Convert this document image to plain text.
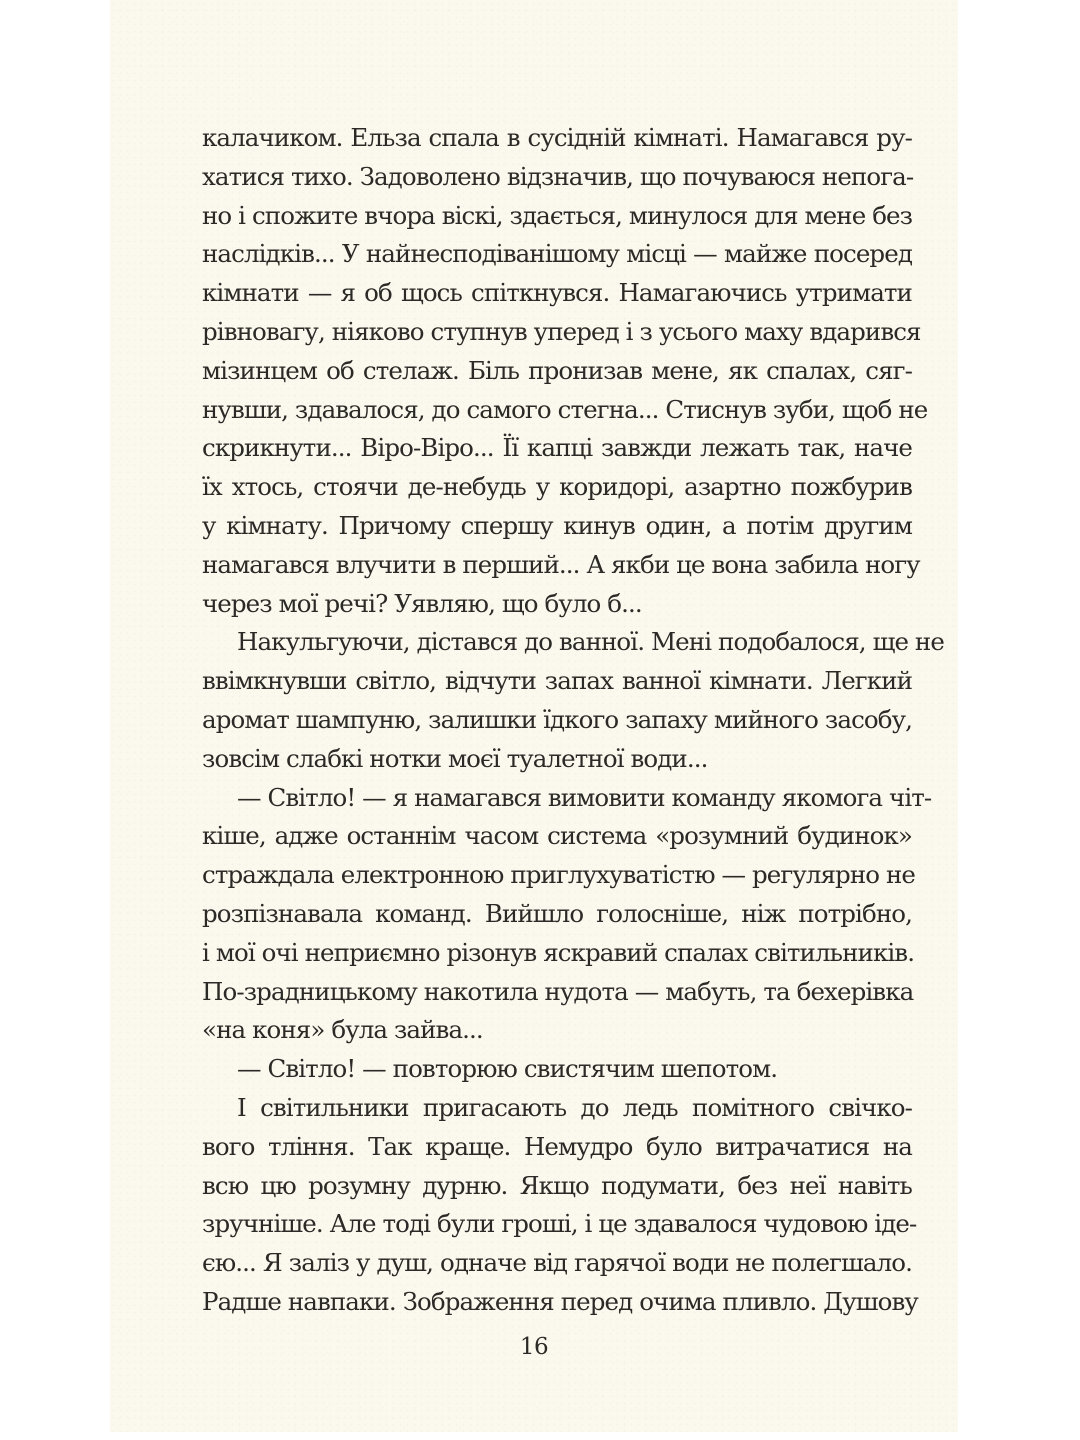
калачиком. Ельза спала в сусідній кімнаті. Намагався ру-
хатися тихо. Задоволено відзначив, що почуваюся непога-
но і спожите вчора віскі, здається, минулося для мене без
наслідків... У найнесподіванішому місці — майже посеред
кімнати — я об щось спіткнувся. Намагаючись утримати
рівновагу, ніяково ступнув уперед і з усього маху вдарився
мізинцем об стелаж. Біль пронизав мене, як спалах, сяг-
нувши, здавалося, до самого стегна... Стиснув зуби, щоб не
скрикнути... Віро-Віро... Її капці завжди лежать так, наче
їх хтось, стоячи де-небудь у коридорі, азартно пожбурив
у кімнату. Причому спершу кинув один, а потім другим
намагався влучити в перший... А якби це вона забила ногу
через мої речі? Уявляю, що було б...
Накульгуючи, дістався до ванної. Мені подобалося, ще не
ввімкнувши світло, відчути запах ванної кімнати. Легкий
аромат шампуню, залишки їдкого запаху мийного засобу,
зовсім слабкі нотки моєї туалетної води...
— Світло! — я намагався вимовити команду якомога чіт-
кіше, адже останнім часом система «розумний будинок»
страждала електронною приглухуватістю — регулярно не
розпізнавала команд. Вийшло голосніше, ніж потрібно,
і мої очі неприємно різонув яскравий спалах світильників.
По-зрадницькому накотила нудота — мабуть, та бехерівка
«на коня» була зайва...
— Світло! — повторюю свистячим шепотом.
І світильники пригасають до ледь помітного свічко-
вого тління. Так краще. Немудро було витрачатися на
всю цю розумну дурню. Якщо подумати, без неї навіть
зручніше. Але тоді були гроші, і це здавалося чудовою іде-
єю... Я заліз у душ, одначе від гарячої води не полегшало.
Радше навпаки. Зображення перед очима пливло. Душову
16
